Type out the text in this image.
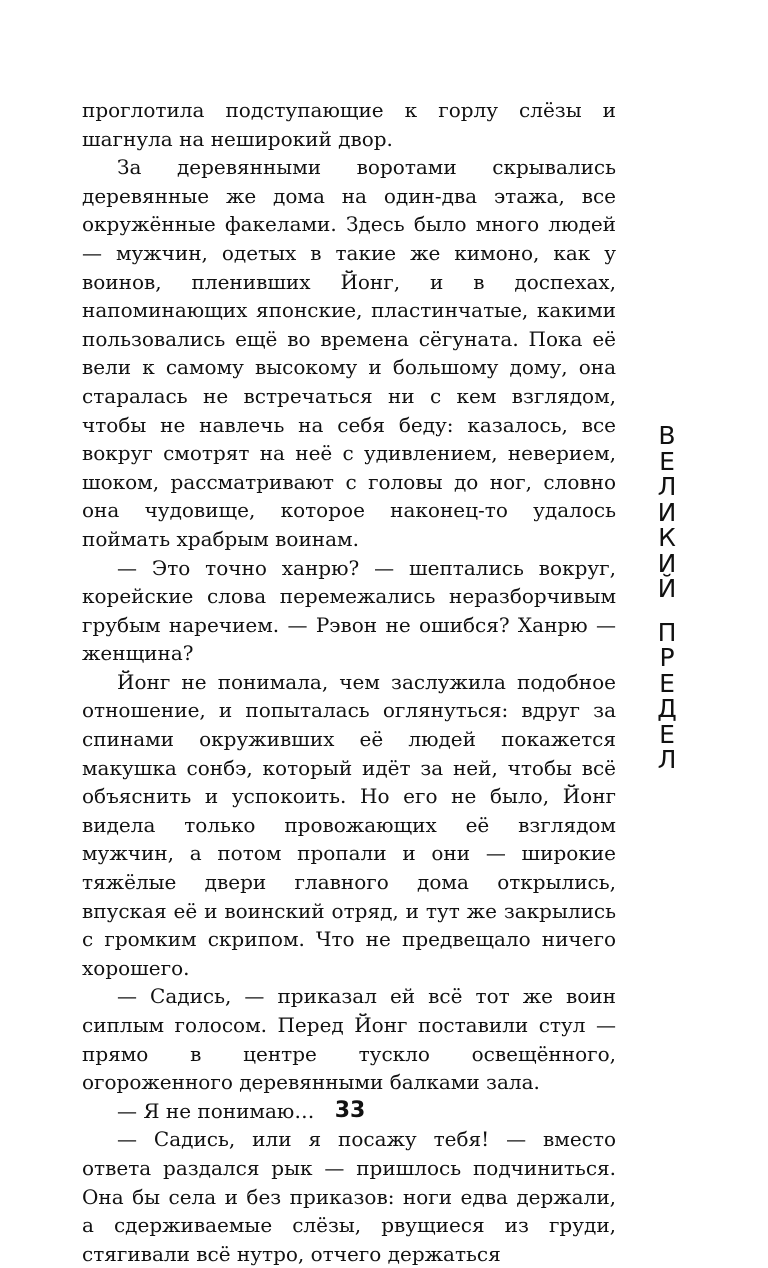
проглотила подступающие к горлу слёзы и шагнула на неширокий двор.

За деревянными воротами скрывались деревянные же дома на один-два этажа, все окружённые факелами. Здесь было много людей — мужчин, одетых в такие же кимоно, как у воинов, пленивших Йонг, и в доспехах, напоминающих японские, пластинчатые, какими пользовались ещё во времена сёгуната. Пока её вели к самому высокому и большому дому, она старалась не встречаться ни с кем взглядом, чтобы не навлечь на себя беду: казалось, все вокруг смотрят на неё с удивлением, неверием, шоком, рассматривают с головы до ног, словно она чудовище, которое наконец-то удалось поймать храбрым воинам.

— Это точно ханрю? — шептались вокруг, корейские слова перемежались неразборчивым грубым наречием. — Рэвон не ошибся? Ханрю — женщина?

Йонг не понимала, чем заслужила подобное отношение, и попыталась оглянуться: вдруг за спинами окруживших её людей покажется макушка сонбэ, который идёт за ней, чтобы всё объяснить и успокоить. Но его не было, Йонг видела только провожающих её взглядом мужчин, а потом пропали и они — широкие тяжёлые двери главного дома открылись, впуская её и воинский отряд, и тут же закрылись с громким скрипом. Что не предвещало ничего хорошего.

— Садись, — приказал ей всё тот же воин сиплым голосом. Перед Йонг поставили стул — прямо в центре тускло освещённого, огороженного деревянными балками зала.

— Я не понимаю…

— Садись, или я посажу тебя! — вместо ответа раздался рык — пришлось подчиниться. Она бы села и без приказов: ноги едва держали, а сдерживаемые слёзы, рвущиеся из груди, стягивали всё нутро, отчего держаться

В
Е
Л
И
К
И
Й
П
Р
Е
Д
Е
Л
33
